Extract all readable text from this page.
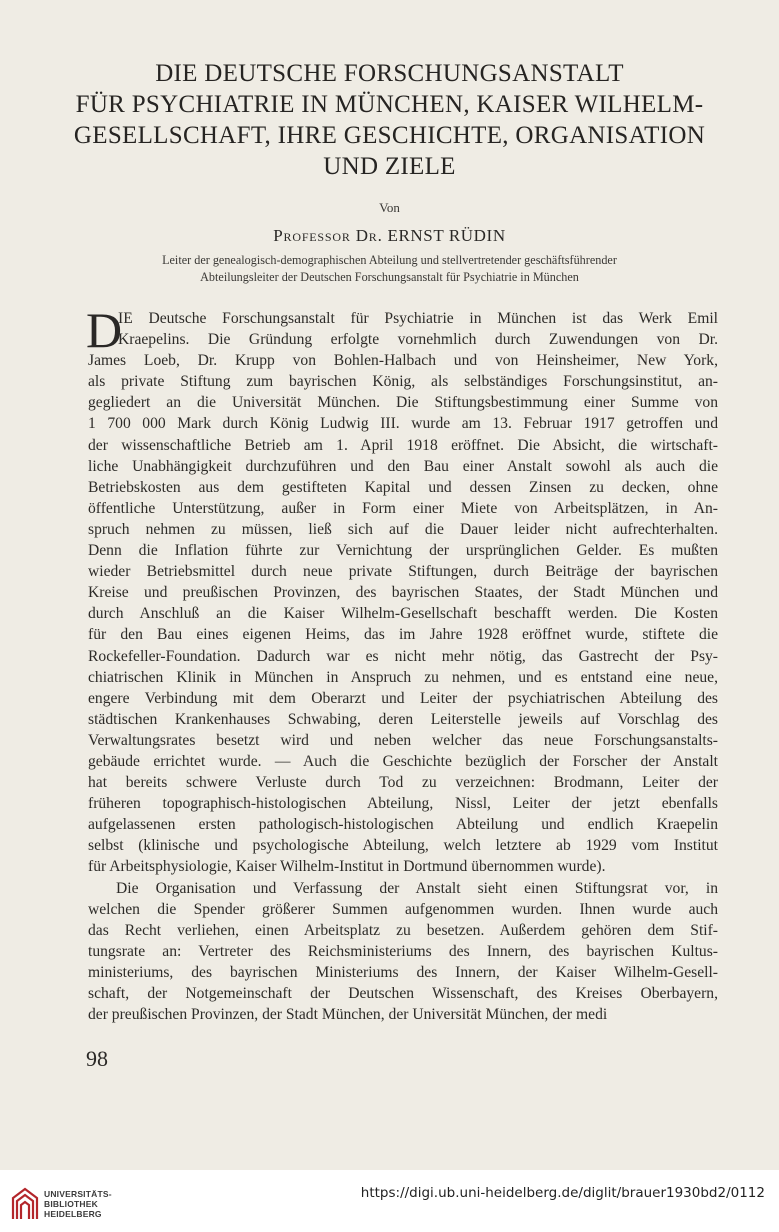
DIE DEUTSCHE FORSCHUNGSANSTALT
FÜR PSYCHIATRIE IN MÜNCHEN, KAISER WILHELM-
GESELLSCHAFT, IHRE GESCHICHTE, ORGANISATION
UND ZIELE
Von
Professor Dr. ERNST RÜDIN
Leiter der genealogisch-demographischen Abteilung und stellvertretender geschäftsführender
Abteilungsleiter der Deutschen Forschungsanstalt für Psychiatrie in München
D
IE Deutsche Forschungsanstalt für Psychiatrie in München ist das Werk Emil
Kraepelins. Die Gründung erfolgte vornehmlich durch Zuwendungen von Dr.
James Loeb, Dr. Krupp von Bohlen-Halbach und von Heinsheimer, New York,
als private Stiftung zum bayrischen König, als selbständiges Forschungsinstitut, an-
gegliedert an die Universität München. Die Stiftungsbestimmung einer Summe von
1 700 000 Mark durch König Ludwig III. wurde am 13. Februar 1917 getroffen und
der wissenschaftliche Betrieb am 1. April 1918 eröffnet. Die Absicht, die wirtschaft-
liche Unabhängigkeit durchzuführen und den Bau einer Anstalt sowohl als auch die
Betriebskosten aus dem gestifteten Kapital und dessen Zinsen zu decken, ohne
öffentliche Unterstützung, außer in Form einer Miete von Arbeitsplätzen, in An-
spruch nehmen zu müssen, ließ sich auf die Dauer leider nicht aufrechterhalten.
Denn die Inflation führte zur Vernichtung der ursprünglichen Gelder. Es mußten
wieder Betriebsmittel durch neue private Stiftungen, durch Beiträge der bayrischen
Kreise und preußischen Provinzen, des bayrischen Staates, der Stadt München und
durch Anschluß an die Kaiser Wilhelm-Gesellschaft beschafft werden. Die Kosten
für den Bau eines eigenen Heims, das im Jahre 1928 eröffnet wurde, stiftete die
Rockefeller-Foundation. Dadurch war es nicht mehr nötig, das Gastrecht der Psy-
chiatrischen Klinik in München in Anspruch zu nehmen, und es entstand eine neue,
engere Verbindung mit dem Oberarzt und Leiter der psychiatrischen Abteilung des
städtischen Krankenhauses Schwabing, deren Leiterstelle jeweils auf Vorschlag des
Verwaltungsrates besetzt wird und neben welcher das neue Forschungsanstalts-
gebäude errichtet wurde. — Auch die Geschichte bezüglich der Forscher der Anstalt
hat bereits schwere Verluste durch Tod zu verzeichnen: Brodmann, Leiter der
früheren topographisch-histologischen Abteilung, Nissl, Leiter der jetzt ebenfalls
aufgelassenen ersten pathologisch-histologischen Abteilung und endlich Kraepelin
selbst (klinische und psychologische Abteilung, welch letztere ab 1929 vom Institut
für Arbeitsphysiologie, Kaiser Wilhelm-Institut in Dortmund übernommen wurde).
Die Organisation und Verfassung der Anstalt sieht einen Stiftungsrat vor, in
welchen die Spender größerer Summen aufgenommen wurden. Ihnen wurde auch
das Recht verliehen, einen Arbeitsplatz zu besetzen. Außerdem gehören dem Stif-
tungsrate an: Vertreter des Reichsministeriums des Innern, des bayrischen Kultus-
ministeriums, des bayrischen Ministeriums des Innern, der Kaiser Wilhelm-Gesell-
schaft, der Notgemeinschaft der Deutschen Wissenschaft, des Kreises Oberbayern,
der preußischen Provinzen, der Stadt München, der Universität München, der medi
98
UNIVERSITÄTS-
BIBLIOTHEK
HEIDELBERG
https://digi.ub.uni-heidelberg.de/diglit/brauer1930bd2/0112
